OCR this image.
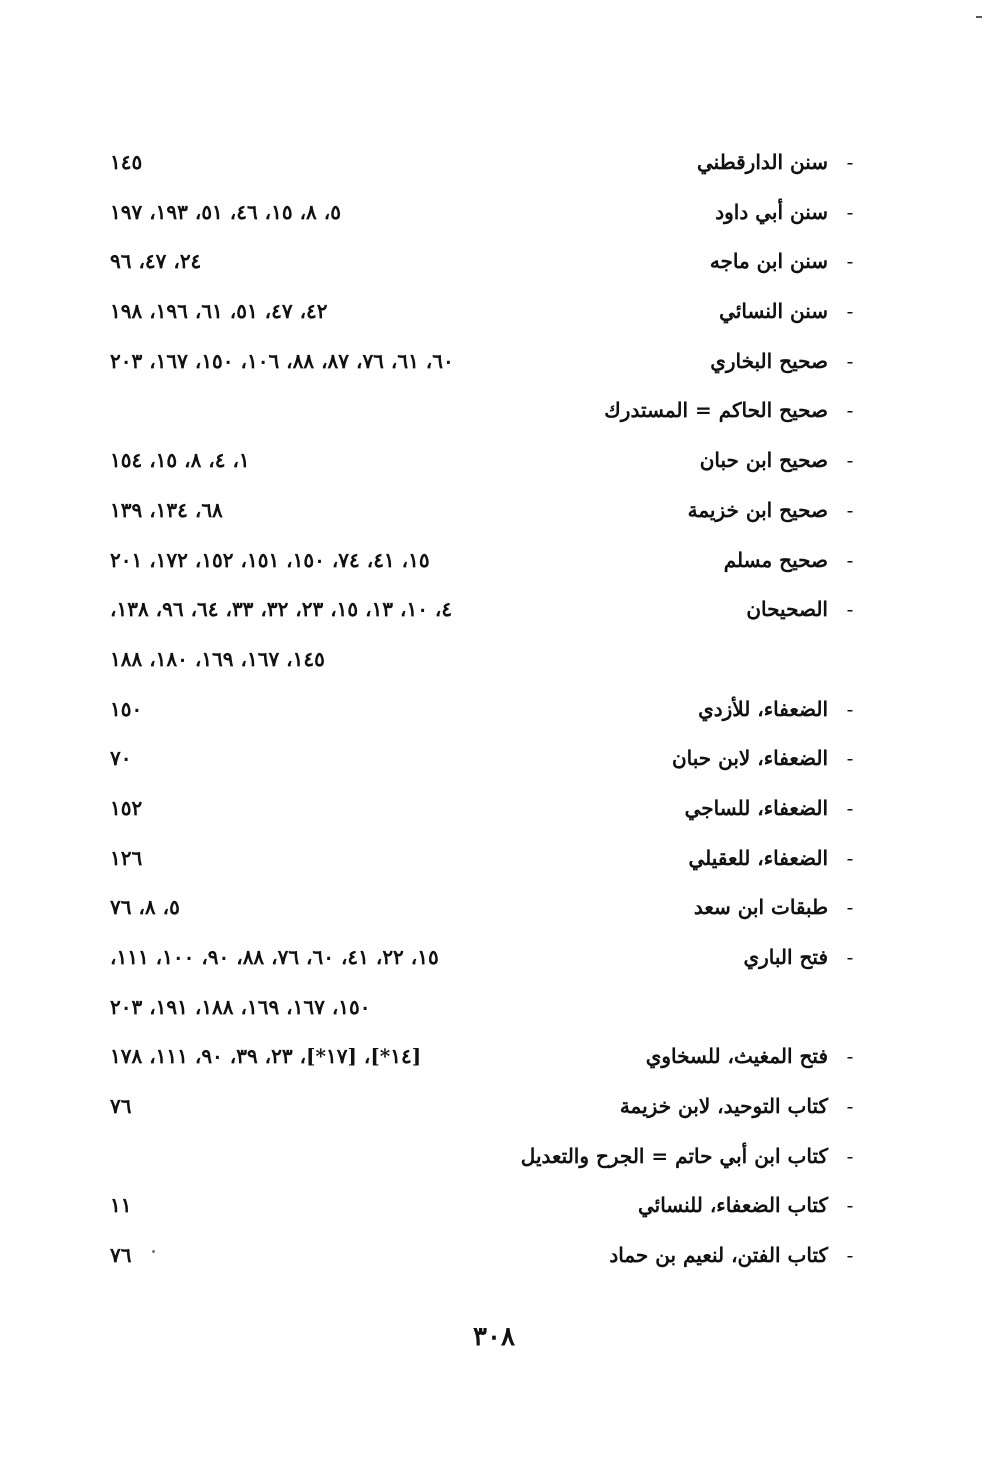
-
سنن الدارقطني
١٤٥
-
سنن أبي داود
٥، ٨، ١٥، ٤٦، ٥١، ١٩٣، ١٩٧
-
سنن ابن ماجه
٢٤، ٤٧، ٩٦
-
سنن النسائي
٤٢، ٤٧، ٥١، ٦١، ١٩٦، ١٩٨
-
صحيح البخاري
٦٠، ٦١، ٧٦، ٨٧، ٨٨، ١٠٦، ١٥٠، ١٦٧، ٢٠٣
-
صحيح الحاكم = المستدرك
-
صحيح ابن حبان
١، ٤، ٨، ١٥، ١٥٤
-
صحيح ابن خزيمة
٦٨، ١٣٤، ١٣٩
-
صحيح مسلم
١٥، ٤١، ٧٤، ١٥٠، ١٥١، ١٥٢، ١٧٢، ٢٠١
-
الصحيحان
٤، ١٠، ١٣، ١٥، ٢٣، ٣٢، ٣٣، ٦٤، ٩٦، ١٣٨،
١٤٥، ١٦٧، ١٦٩، ١٨٠، ١٨٨
-
الضعفاء، للأزدي
١٥٠
-
الضعفاء، لابن حبان
٧٠
-
الضعفاء، للساجي
١٥٢
-
الضعفاء، للعقيلي
١٢٦
-
طبقات ابن سعد
٥، ٨، ٧٦
-
فتح الباري
١٥، ٢٢، ٤١، ٦٠، ٧٦، ٨٨، ٩٠، ١٠٠، ١١١،
١٥٠، ١٦٧، ١٦٩، ١٨٨، ١٩١، ٢٠٣
-
فتح المغيث، للسخاوي
[١٤*]، [١٧*]، ٢٣، ٣٩، ٩٠، ١١١، ١٧٨
-
كتاب التوحيد، لابن خزيمة
٧٦
-
كتاب ابن أبي حاتم = الجرح والتعديل
-
كتاب الضعفاء، للنسائي
١١
-
كتاب الفتن، لنعيم بن حماد
٧٦
٣٠٨
